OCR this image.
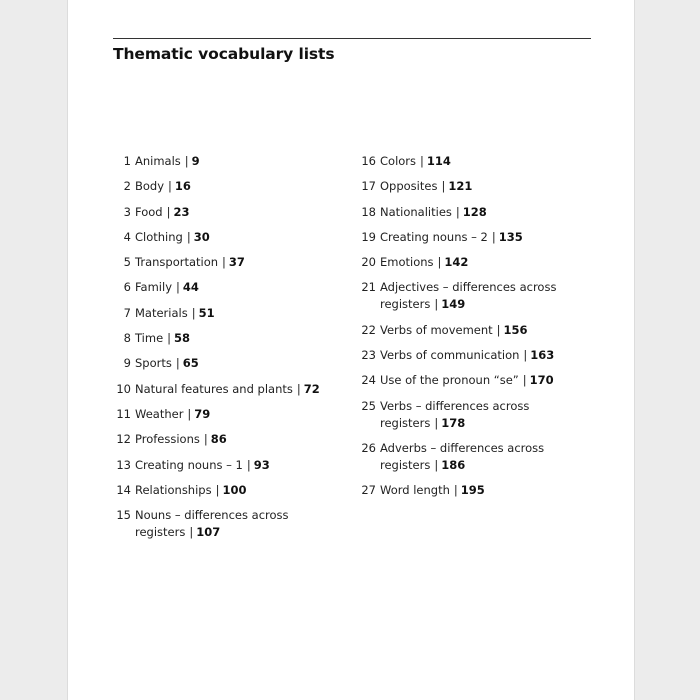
Thematic vocabulary lists
1 Animals | 9
2 Body | 16
3 Food | 23
4 Clothing | 30
5 Transportation | 37
6 Family | 44
7 Materials | 51
8 Time | 58
9 Sports | 65
10 Natural features and plants | 72
11 Weather | 79
12 Professions | 86
13 Creating nouns – 1 | 93
14 Relationships | 100
15 Nouns – differences across
registers | 107
16 Colors | 114
17 Opposites | 121
18 Nationalities | 128
19 Creating nouns – 2 | 135
20 Emotions | 142
21 Adjectives – differences across
registers | 149
22 Verbs of movement | 156
23 Verbs of communication | 163
24 Use of the pronoun “se” | 170
25 Verbs – differences across
registers | 178
26 Adverbs – differences across
registers | 186
27 Word length | 195
